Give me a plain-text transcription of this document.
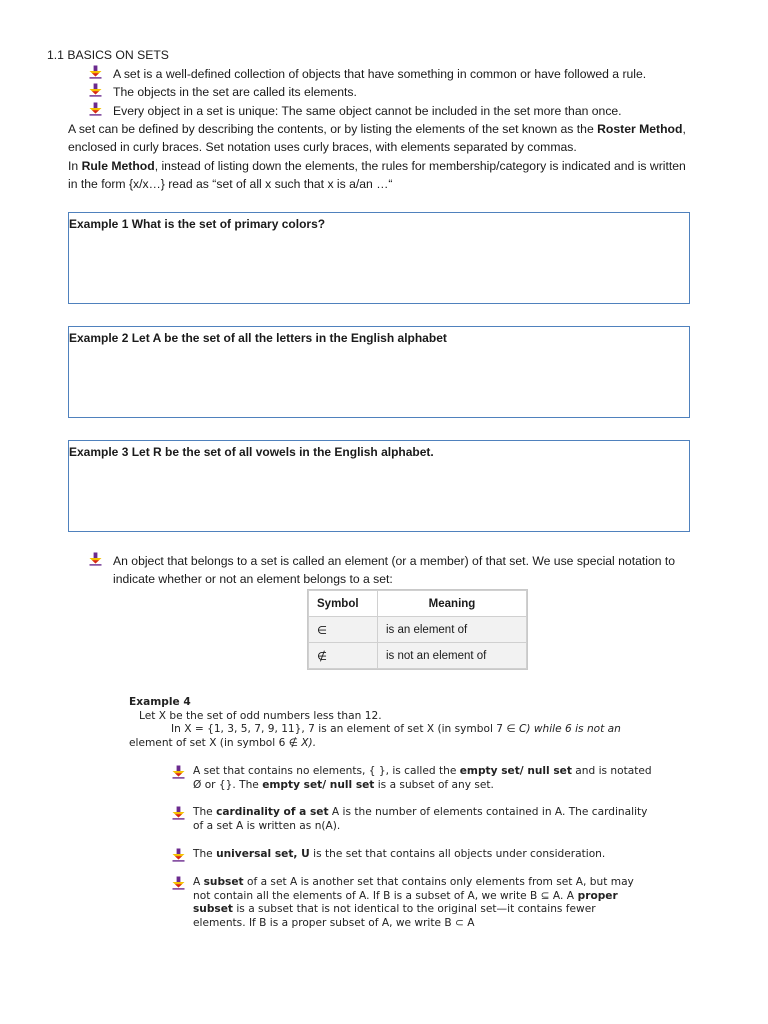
1.1 BASICS ON SETS
A set is a well-defined collection of objects that have something in common or have followed a rule.
The objects in the set are called its elements.
Every object in a set is unique: The same object cannot be included in the set more than once.
A set can be defined by describing the contents, or by listing the elements of the set known as the Roster Method,
enclosed in curly braces. Set notation uses curly braces, with elements separated by commas.
In Rule Method, instead of listing down the elements, the rules for membership/category is indicated and is written
in the form {x/x…} read as “set of all x such that x is a/an …“
Example 1 What is the set of primary colors?
Example 2 Let A be the set of all the letters in the English alphabet
Example 3 Let R be the set of all vowels in the English alphabet.
An object that belongs to a set is called an element (or a member) of that set. We use special notation to
indicate whether or not an element belongs to a set:
Symbol	Meaning
∈	is an element of
∉	is not an element of
Example 4
Let X be the set of odd numbers less than 12.
In X = {1, 3, 5, 7, 9, 11}, 7 is an element of set X (in symbol 7 ∈ C) while 6 is not an
element of set X (in symbol 6 ∉ X).
A set that contains no elements, { }, is called the empty set/ null set and is notated
Ø or {}. The empty set/ null set is a subset of any set.
The cardinality of a set A is the number of elements contained in A. The cardinality
of a set A is written as n(A).
The universal set, U is the set that contains all objects under consideration.
A subset of a set A is another set that contains only elements from set A, but may
not contain all the elements of A. If B is a subset of A, we write B ⊆ A. A proper
subset is a subset that is not identical to the original set—it contains fewer
elements. If B is a proper subset of A, we write B ⊂ A
